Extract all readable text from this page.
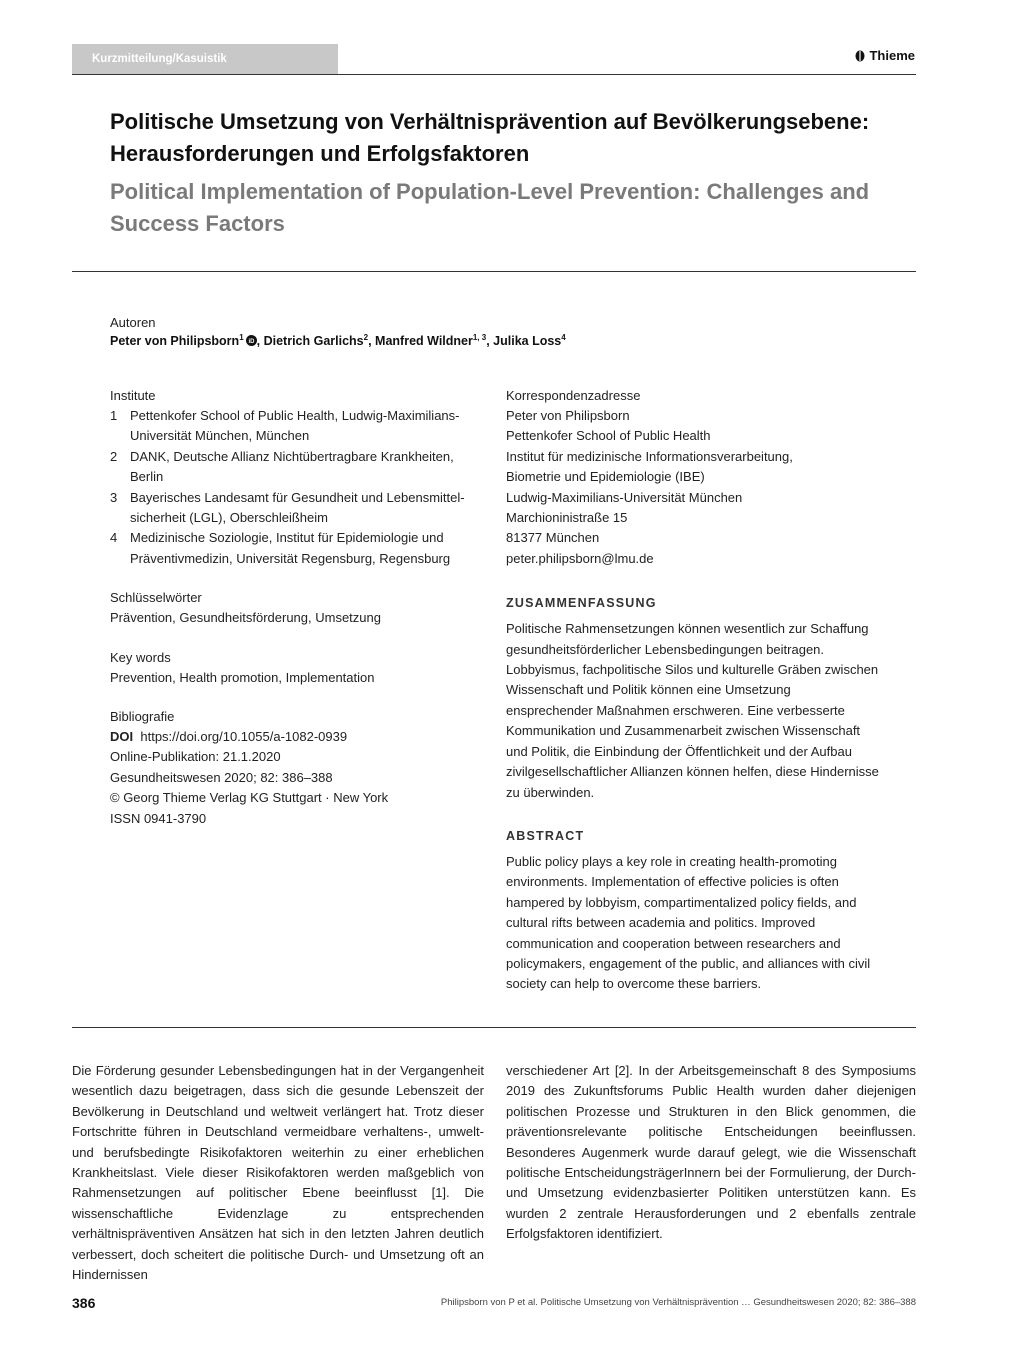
Kurzmitteilung/Kasuistik	Thieme
Politische Umsetzung von Verhältnisprävention auf Bevölkerungsebene: Herausforderungen und Erfolgsfaktoren
Political Implementation of Population-Level Prevention: Challenges and Success Factors
Autoren
Peter von Philipsborn$^1$ iD , Dietrich Garlichs$^2$, Manfred Wildner$^{1, 3}$, Julika Loss$^4$
Institute
1 Pettenkofer School of Public Health, Ludwig-Maximilians-Universität München, München
2 DANK, Deutsche Allianz Nichtübertragbare Krankheiten, Berlin
3 Bayerisches Landesamt für Gesundheit und Lebensmittel-sicherheit (LGL), Oberschleißheim
4 Medizinische Soziologie, Institut für Epidemiologie und Präventivmedizin, Universität Regensburg, Regensburg
Schlüsselwörter
Prävention, Gesundheitsförderung, Umsetzung
Key words
Prevention, Health promotion, Implementation
Bibliografie
DOI https://doi.org/10.1055/a-1082-0939
Online-Publikation: 21.1.2020
Gesundheitswesen 2020; 82: 386–388
© Georg Thieme Verlag KG Stuttgart · New York
ISSN 0941-3790
Korrespondenzadresse
Peter von Philipsborn
Pettenkofer School of Public Health
Institut für medizinische Informationsverarbeitung,
Biometrie und Epidemiologie (IBE)
Ludwig-Maximilians-Universität München
Marchioninistraße 15
81377 München
peter.philipsborn@lmu.de
ZUSAMMENFASSUNG
Politische Rahmensetzungen können wesentlich zur Schaffung gesundheitsförderlicher Lebensbedingungen beitragen. Lobbyismus, fachpolitische Silos und kulturelle Gräben zwischen Wissenschaft und Politik können eine Umsetzung ensprechender Maßnahmen erschweren. Eine verbesserte Kommunikation und Zusammenarbeit zwischen Wissenschaft und Politik, die Einbindung der Öffentlichkeit und der Aufbau zivilgesellschaftlicher Allianzen können helfen, diese Hindernisse zu überwinden.
ABSTRACT
Public policy plays a key role in creating health-promoting environments. Implementation of effective policies is often hampered by lobbyism, compartimentalized policy fields, and cultural rifts between academia and politics. Improved communication and cooperation between researchers and policymakers, engagement of the public, and alliances with civil society can help to overcome these barriers.

Die Förderung gesunder Lebensbedingungen hat in der Vergangenheit wesentlich dazu beigetragen, dass sich die gesunde Lebenszeit der Bevölkerung in Deutschland und weltweit verlängert hat. Trotz dieser Fortschritte führen in Deutschland vermeidbare verhaltens-, umwelt- und berufsbedingte Risikofaktoren weiterhin zu einer erheblichen Krankheitslast. Viele dieser Risikofaktoren werden maßgeblich von Rahmensetzungen auf politischer Ebene beeinflusst [1]. Die wissenschaftliche Evidenzlage zu entsprechenden verhältnispräventiven Ansätzen hat sich in den letzten Jahren deutlich verbessert, doch scheitert die politische Durch- und Umsetzung oft an Hindernissen

verschiedener Art [2]. In der Arbeitsgemeinschaft 8 des Symposiums 2019 des Zukunftsforums Public Health wurden daher diejenigen politischen Prozesse und Strukturen in den Blick genommen, die präventionsrelevante politische Entscheidungen beeinflussen. Besonderes Augenmerk wurde darauf gelegt, wie die Wissenschaft politische EntscheidungsträgerInnern bei der Formulierung, der Durch- und Umsetzung evidenzbasierter Politiken unterstützen kann. Es wurden 2 zentrale Herausforderungen und 2 ebenfalls zentrale Erfolgsfaktoren identifiziert.

386	Philipsborn von P et al. Politische Umsetzung von Verhältnisprävention … Gesundheitswesen 2020; 82: 386–388
